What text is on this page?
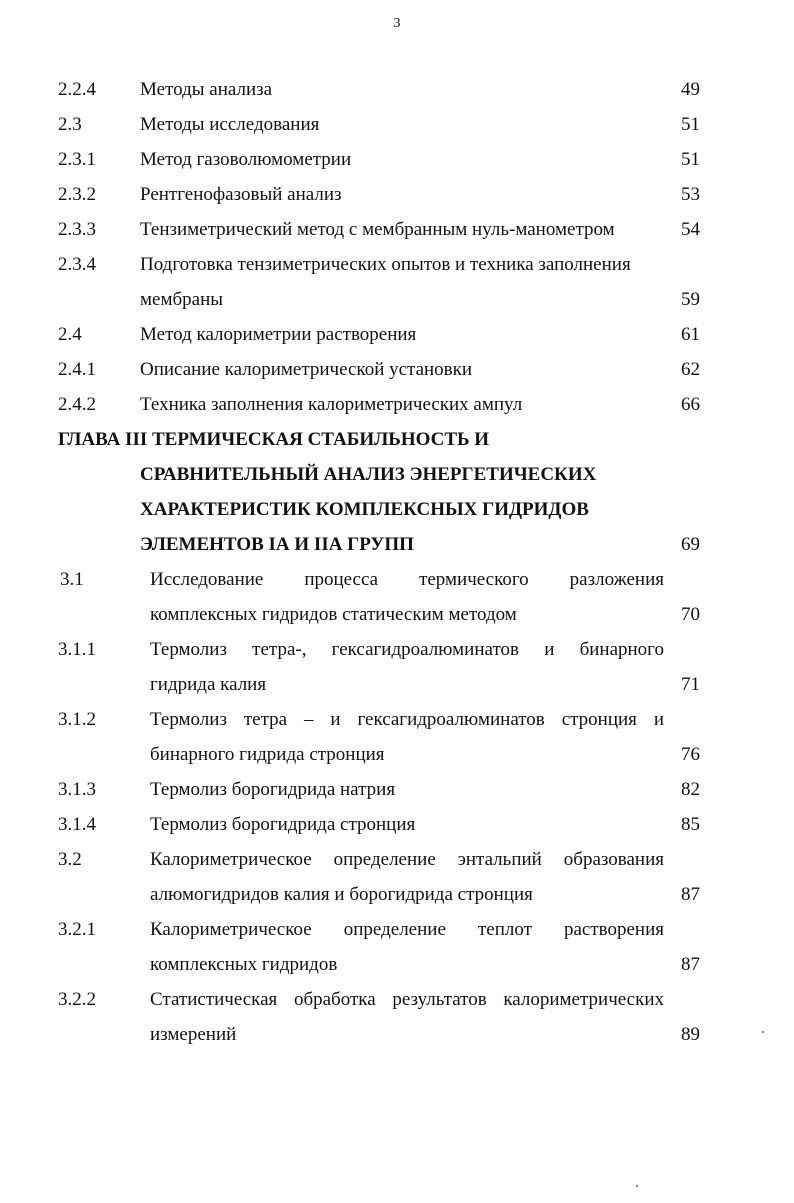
3
2.2.4 Методы анализа	49
2.3	Методы исследования	51
2.3.1 Метод газоволюмометрии	51
2.3.2 Рентгенофазовый анализ	53
2.3.3 Тензиметрический метод с мембранным нуль-манометром	54
2.3.4 Подготовка тензиметрических опытов и техника заполнения
мембраны	59
2.4	Метод калориметрии растворения	61
2.4.1 Описание калориметрической установки	62
2.4.2 Техника заполнения калориметрических ампул	66
ГЛАВА III ТЕРМИЧЕСКАЯ СТАБИЛЬНОСТЬ И
СРАВНИТЕЛЬНЫЙ АНАЛИЗ ЭНЕРГЕТИЧЕСКИХ
ХАРАКТЕРИСТИК КОМПЛЕКСНЫХ ГИДРИДОВ
ЭЛЕМЕНТОВ IА И IIА ГРУПП	69
3.1	Исследование процесса термического разложения
комплексных гидридов статическим методом	70
3.1.1	Термолиз тетра-, гексагидроалюминатов и бинарного
гидрида калия	71
3.1.2	Термолиз тетра – и гексагидроалюминатов стронция и
бинарного гидрида стронция	76
3.1.3	Термолиз борогидрида натрия	82
3.1.4	Термолиз борогидрида стронция	85
3.2	Калориметрическое определение энтальпий образования
алюмогидридов калия и борогидрида стронция	87
3.2.1	Калориметрическое определение теплот растворения
комплексных гидридов	87
3.2.2	Статистическая обработка результатов калориметрических
измерений	89
